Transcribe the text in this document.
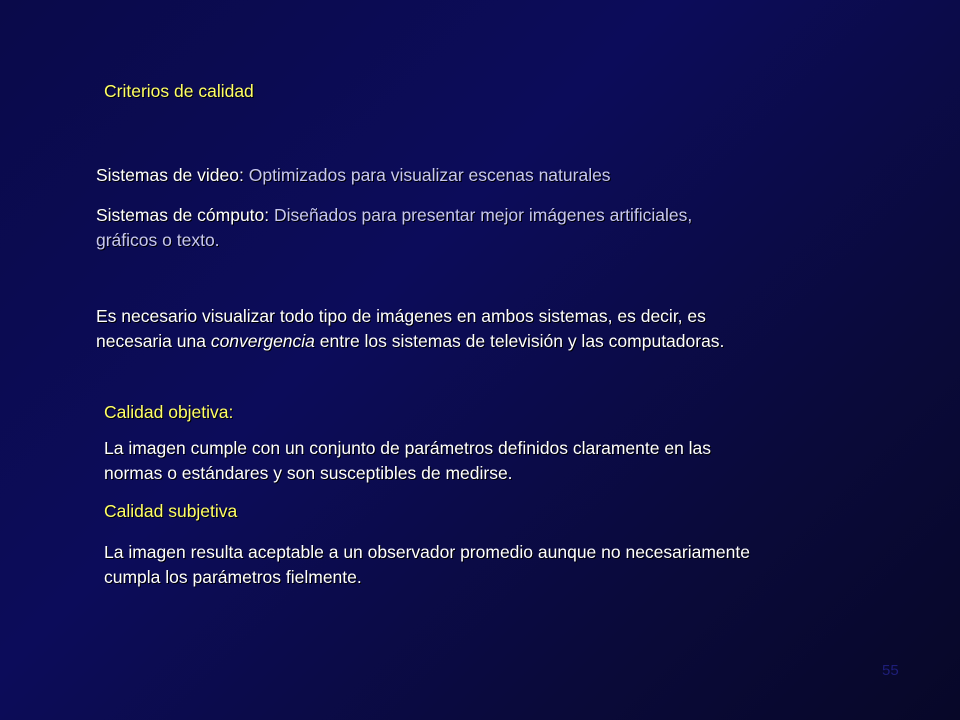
Criterios de calidad
Sistemas de video: Optimizados para visualizar escenas naturales
Sistemas de cómputo: Diseñados para presentar mejor imágenes artificiales,
gráficos o texto.
Es necesario visualizar todo tipo de imágenes en ambos sistemas, es decir, es
necesaria una convergencia entre los sistemas de televisión y las computadoras.
Calidad objetiva:
La imagen cumple con un conjunto de parámetros definidos claramente en las
normas o estándares y son susceptibles de medirse.
Calidad subjetiva
La imagen resulta aceptable a un observador promedio aunque no necesariamente
cumpla los parámetros fielmente.
55
